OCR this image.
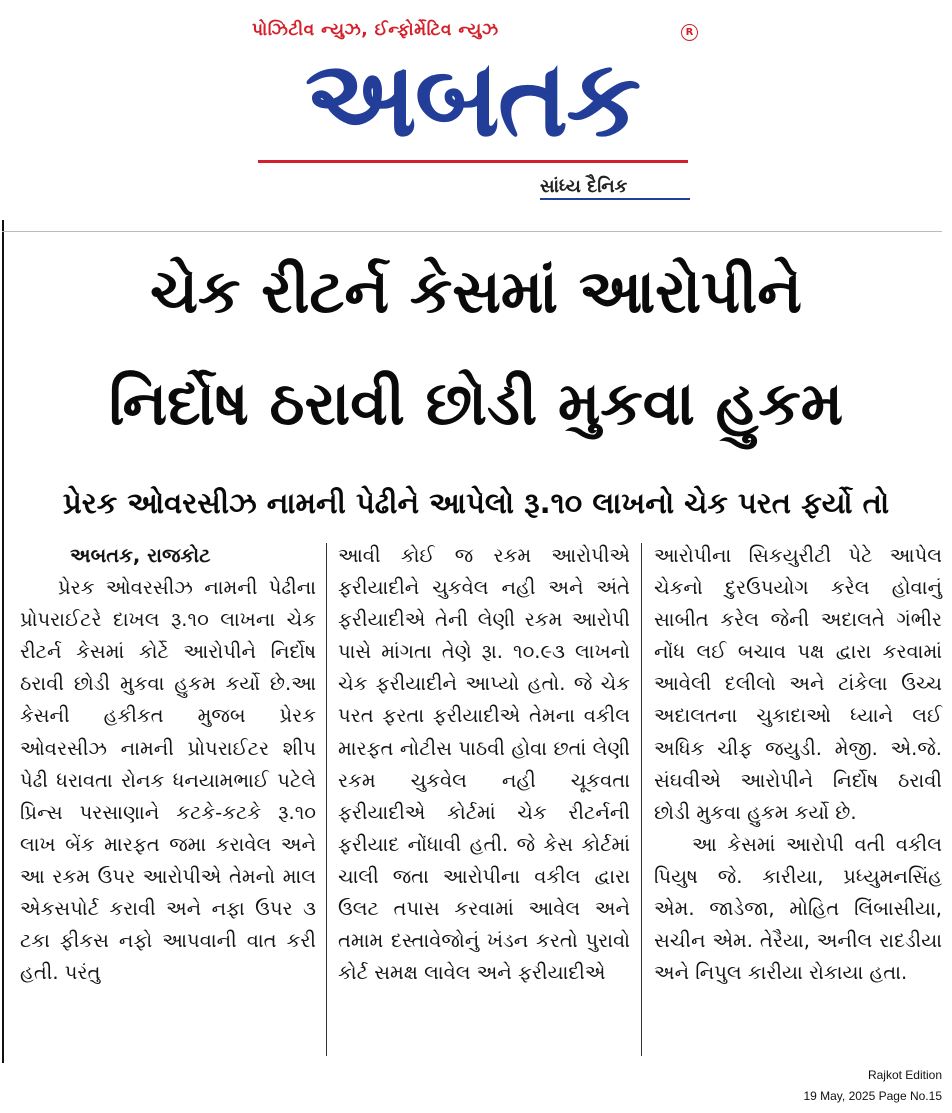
પોઝિટીવ ન્યુઝ, ઈન્ફોર્મેટિવ ન્યુઝ	R
અબતક
સાંધ્ય દૈનિક
ચેક રીટર્ન કેસમાં આરોપીને
નિર્દોષ ઠરાવી છોડી મુકવા હુકમ
પ્રેરક ઓવરસીઝ નામની પેઢીને આપેલો રૂ.૧૦ લાખનો ચેક પરત ફર્યો તો

અબતક, રાજકોટ

પ્રેરક ઓવરસીઝ નામની પેઢીના પ્રોપરાઈટરે દાખલ રૂ.૧૦ લાખના ચેક રીટર્ન કેસમાં કોર્ટે આરોપીને નિર્દોષ ઠરાવી છોડી મુકવા હુકમ કર્યો છે.આ કેસની હકીકત મુજબ પ્રેરક ઓવરસીઝ નામની પ્રોપરાઈટર શીપ પેઢી ધરાવતા રોનક ધનયામભાઈ પટેલે પ્રિન્સ પરસાણાને કટકે-કટકે રૂ.૧૦ લાખ બેંક મારફત જમા કરાવેલ અને આ રકમ ઉપર આરોપીએ તેમનો માલ એકસપોર્ટ કરાવી અને નફા ઉપર ૩ ટકા ફીકસ નફો આપવાની વાત કરી હતી. પરંતુ

આવી કોઈ જ રકમ આરોપીએ ફરીયાદીને ચુકવેલ નહી અને અંતે ફરીયાદીએ તેની લેણી રકમ આરોપી પાસે માંગતા તેણે રૂા. ૧૦.૯૩ લાખનો ચેક ફરીયાદીને આપ્યો હતો. જે ચેક પરત ફરતા ફરીયાદીએ તેમના વકીલ મારફત નોટીસ પાઠવી હોવા છતાં લેણી રકમ ચુકવેલ નહી ચૂકવતા ફરીયાદીએ કોર્ટમાં ચેક રીટર્નની ફરીયાદ નોંધાવી હતી. જે કેસ કોર્ટમાં ચાલી જતા આરોપીના વકીલ દ્વારા ઉલટ તપાસ કરવામાં આવેલ અને તમામ દસ્તાવેજોનું ખંડન કરતો પુરાવો કોર્ટ સમક્ષ લાવેલ અને ફરીયાદીએ

આરોપીના સિકયુરીટી પેટે આપેલ ચેકનો દુરઉપયોગ કરેલ હોવાનું સાબીત કરેલ જેની અદાલતે ગંભીર નોંધ લઈ બચાવ પક્ષ દ્વારા કરવામાં આવેલી દલીલો અને ટાંકેલા ઉચ્ચ અદાલતના ચુકાદાઓ ધ્યાને લઈ અધિક ચીફ જયુડી. મેજી. એ.જે. સંઘવીએ આરોપીને નિર્દોષ ઠરાવી છોડી મુકવા હુકમ કર્યો છે.

આ કેસમાં આરોપી વતી વકીલ પિયુષ જે. કારીયા, પ્રધ્યુમનસિંહ એમ. જાડેજા, મોહિત લિંબાસીયા, સચીન એમ. તેરૈયા, અનીલ રાદડીયા અને નિપુલ કારીયા રોકાયા હતા.

Rajkot Edition
19 May, 2025 Page No.15
